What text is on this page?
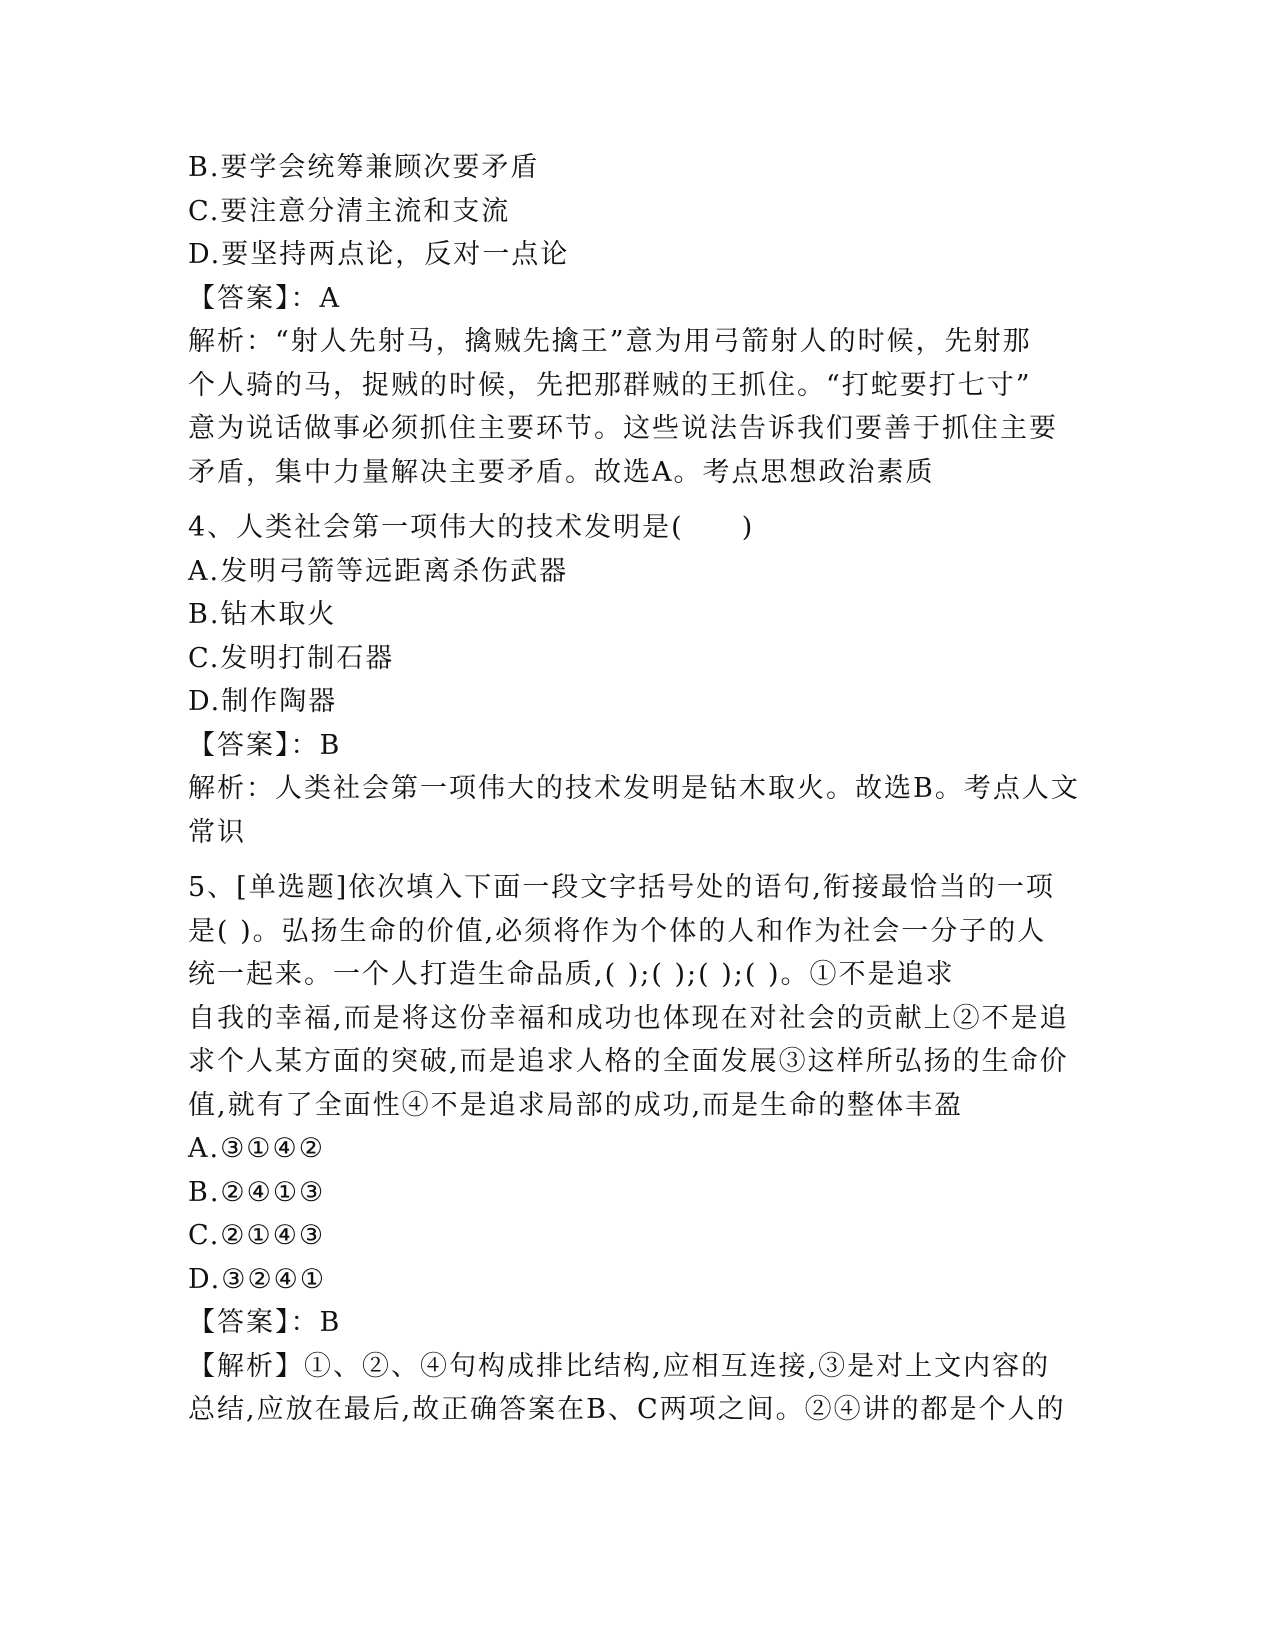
B.要学会统筹兼顾次要矛盾
C.要注意分清主流和支流
D.要坚持两点论，反对一点论
【答案】：A
解析：“射人先射马，擒贼先擒王”意为用弓箭射人的时候，先射那
个人骑的马，捉贼的时候，先把那群贼的王抓住。“打蛇要打七寸”
意为说话做事必须抓住主要环节。这些说法告诉我们要善于抓住主要
矛盾，集中力量解决主要矛盾。故选A。考点思想政治素质
4、人类社会第一项伟大的技术发明是(　　)
A.发明弓箭等远距离杀伤武器
B.钻木取火
C.发明打制石器
D.制作陶器
【答案】：B
解析：人类社会第一项伟大的技术发明是钻木取火。故选B。考点人文
常识
5、[单选题]依次填入下面一段文字括号处的语句,衔接最恰当的一项
是( )。弘扬生命的价值,必须将作为个体的人和作为社会一分子的人
统一起来。一个人打造生命品质,( );( );( );( )。①不是追求
自我的幸福,而是将这份幸福和成功也体现在对社会的贡献上②不是追
求个人某方面的突破,而是追求人格的全面发展③这样所弘扬的生命价
值,就有了全面性④不是追求局部的成功,而是生命的整体丰盈
A.③①④②
B.②④①③
C.②①④③
D.③②④①
【答案】：B
【解析】①、②、④句构成排比结构,应相互连接,③是对上文内容的
总结,应放在最后,故正确答案在B、C两项之间。②④讲的都是个人的
